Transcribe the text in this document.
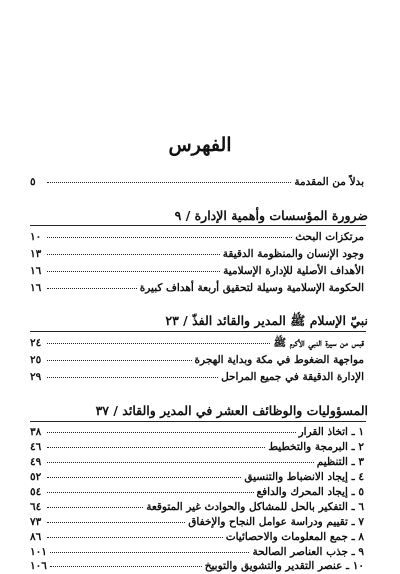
الفهرس
بدلاً من المقدمة
٥
ضرورة المؤسسات وأهمية الإدارة / ٩
مرتكزات البحث
١٠
وجود الإنسان والمنظومة الدقيقة
١٣
الأهداف الأصلية للإدارة الإسلامية
١٦
الحكومة الإسلامية وسيلة لتحقيق أربعة أهداف كبيرة
١٦
نبيّ الإسلام ﷺ المدير والقائد الفذّ / ٢٣
قبس من سيرة النبي الأكرم ﷺ
٢٤
مواجهة الضغوط في مكة وبداية الهجرة
٢٥
الإدارة الدقيقة في جميع المراحل
٢٩
المسؤوليات والوظائف العشر في المدير والقائد / ٣٧
١ ـ اتخاذ القرار
٣٨
٢ ـ البرمجة والتخطيط
٤٦
٣ ـ التنظيم
٤٩
٤ ـ إيجاد الانضباط والتنسيق
٥٢
٥ ـ إيجاد المحرك والدافع
٥٤
٦ ـ التفكير بالحل للمشاكل والحوادث غير المتوقعة
٦٤
٧ ـ تقييم ودراسة عوامل النجاح والإخفاق
٧٣
٨ ـ جمع المعلومات والاحصائيات
٨٦
٩ ـ جذب العناصر الصالحة
١٠١
١٠ ـ عنصر التقدير والتشويق والتوبيخ
١٠٦
